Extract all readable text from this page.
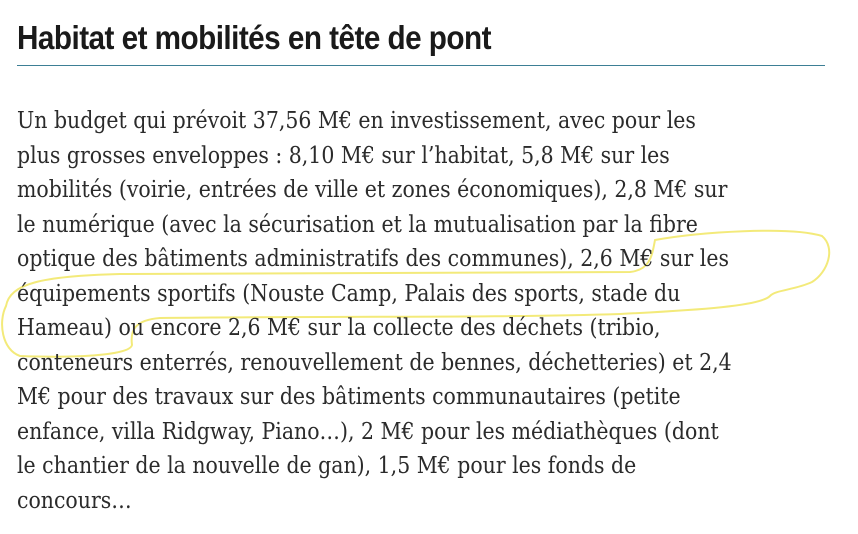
Habitat et mobilités en tête de pont
Un budget qui prévoit 37,56 M€ en investissement, avec pour les
plus grosses enveloppes : 8,10 M€ sur l’habitat, 5,8 M€ sur les
mobilités (voirie, entrées de ville et zones économiques), 2,8 M€ sur
le numérique (avec la sécurisation et la mutualisation par la fibre
optique des bâtiments administratifs des communes), 2,6 M€ sur les
équipements sportifs (Nouste Camp, Palais des sports, stade du
Hameau) ou encore 2,6 M€ sur la collecte des déchets (tribio,
conteneurs enterrés, renouvellement de bennes, déchetteries) et 2,4
M€ pour des travaux sur des bâtiments communautaires (petite
enfance, villa Ridgway, Piano…), 2 M€ pour les médiathèques (dont
le chantier de la nouvelle de gan), 1,5 M€ pour les fonds de
concours…
